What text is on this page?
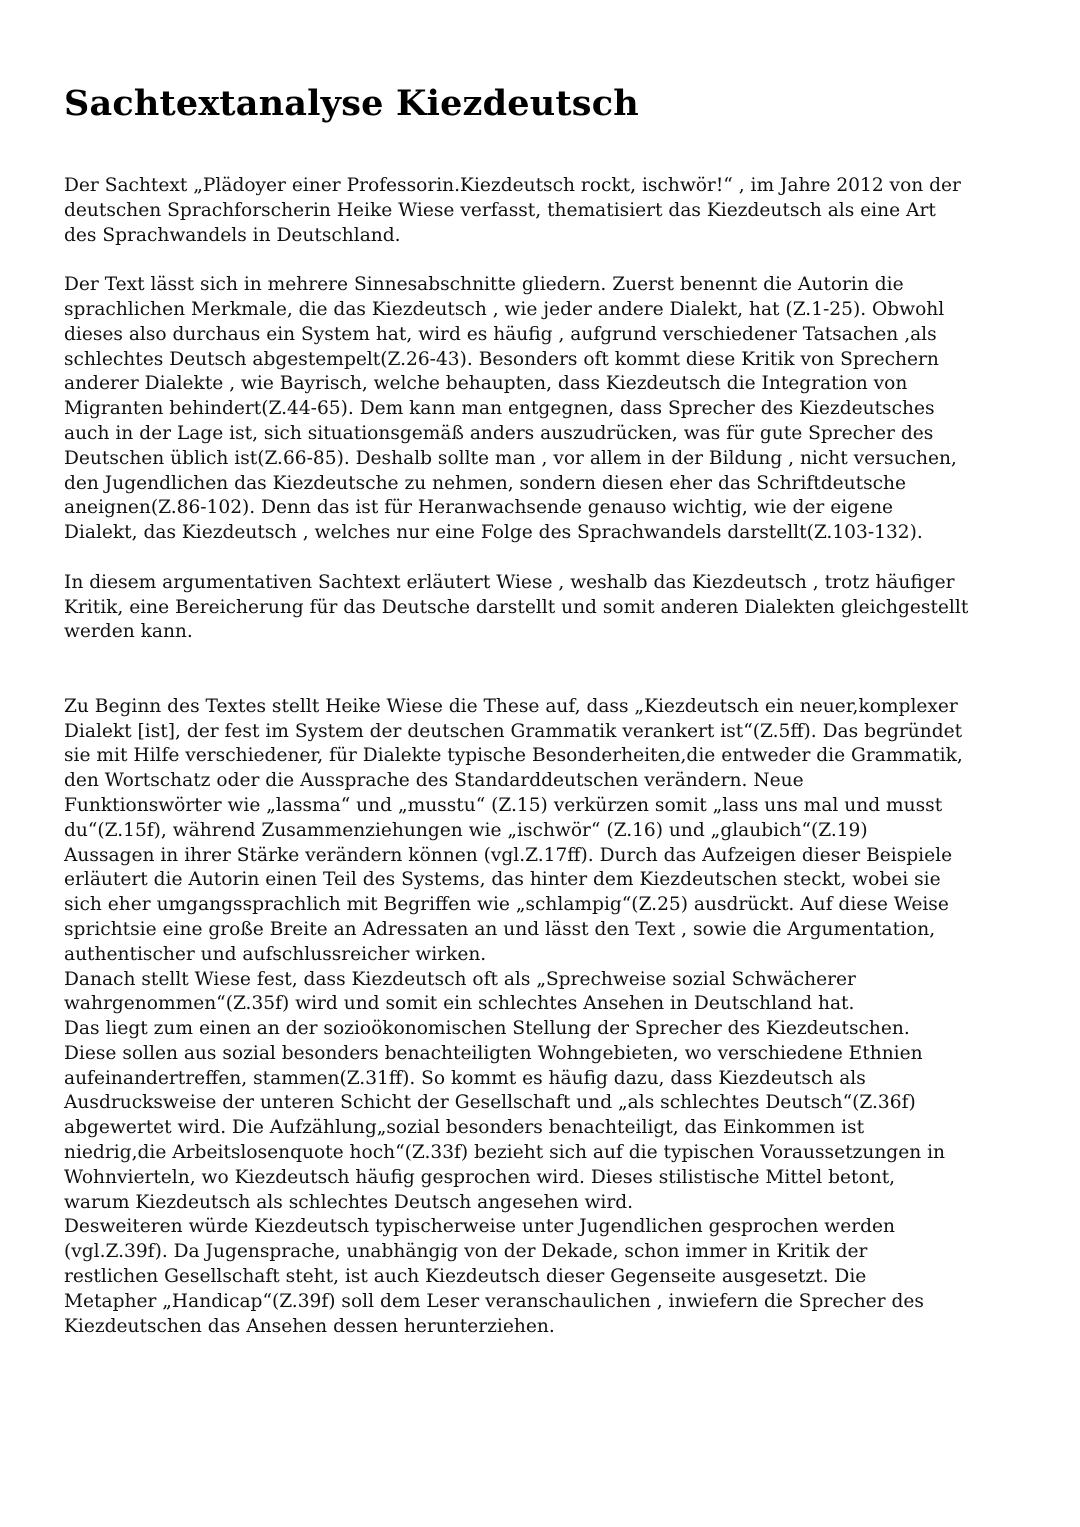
Sachtextanalyse Kiezdeutsch

Der Sachtext „Plädoyer einer Professorin.Kiezdeutsch rockt, ischwör!“ , im Jahre 2012 von der
deutschen Sprachforscherin Heike Wiese verfasst, thematisiert das Kiezdeutsch als eine Art
des Sprachwandels in Deutschland.

Der Text lässt sich in mehrere Sinnesabschnitte gliedern. Zuerst benennt die Autorin die
sprachlichen Merkmale, die das Kiezdeutsch , wie jeder andere Dialekt, hat (Z.1-25). Obwohl
dieses also durchaus ein System hat, wird es häufig , aufgrund verschiedener Tatsachen ‚als
schlechtes Deutsch abgestempelt(Z.26-43). Besonders oft kommt diese Kritik von Sprechern
anderer Dialekte , wie Bayrisch, welche behaupten, dass Kiezdeutsch die Integration von
Migranten behindert(Z.44-65). Dem kann man entgegnen, dass Sprecher des Kiezdeutsches
auch in der Lage ist, sich situationsgemäß anders auszudrücken, was für gute Sprecher des
Deutschen üblich ist(Z.66-85). Deshalb sollte man , vor allem in der Bildung , nicht versuchen,
den Jugendlichen das Kiezdeutsche zu nehmen, sondern diesen eher das Schriftdeutsche
aneignen(Z.86-102). Denn das ist für Heranwachsende genauso wichtig, wie der eigene
Dialekt, das Kiezdeutsch , welches nur eine Folge des Sprachwandels darstellt(Z.103-132).

In diesem argumentativen Sachtext erläutert Wiese , weshalb das Kiezdeutsch , trotz häufiger
Kritik, eine Bereicherung für das Deutsche darstellt und somit anderen Dialekten gleichgestellt
werden kann.

Zu Beginn des Textes stellt Heike Wiese die These auf, dass „Kiezdeutsch ein neuer,komplexer
Dialekt [ist], der fest im System der deutschen Grammatik verankert ist“(Z.5ff). Das begründet
sie mit Hilfe verschiedener, für Dialekte typische Besonderheiten,die entweder die Grammatik,
den Wortschatz oder die Aussprache des Standarddeutschen verändern. Neue
Funktionswörter wie „lassma“ und „musstu“ (Z.15) verkürzen somit „lass uns mal und musst
du“(Z.15f), während Zusammenziehungen wie „ischwör“ (Z.16) und „glaubich“(Z.19)
Aussagen in ihrer Stärke verändern können (vgl.Z.17ff). Durch das Aufzeigen dieser Beispiele
erläutert die Autorin einen Teil des Systems, das hinter dem Kiezdeutschen steckt, wobei sie
sich eher umgangssprachlich mit Begriffen wie „schlampig“(Z.25) ausdrückt. Auf diese Weise
sprichtsie eine große Breite an Adressaten an und lässt den Text , sowie die Argumentation,
authentischer und aufschlussreicher wirken.
Danach stellt Wiese fest, dass Kiezdeutsch oft als „Sprechweise sozial Schwächerer
wahrgenommen“(Z.35f) wird und somit ein schlechtes Ansehen in Deutschland hat.
Das liegt zum einen an der sozioökonomischen Stellung der Sprecher des Kiezdeutschen.
Diese sollen aus sozial besonders benachteiligten Wohngebieten, wo verschiedene Ethnien
aufeinandertreffen, stammen(Z.31ff). So kommt es häufig dazu, dass Kiezdeutsch als
Ausdrucksweise der unteren Schicht der Gesellschaft und „als schlechtes Deutsch“(Z.36f)
abgewertet wird. Die Aufzählung„sozial besonders benachteiligt, das Einkommen ist
niedrig,die Arbeitslosenquote hoch“(Z.33f) bezieht sich auf die typischen Voraussetzungen in
Wohnvierteln, wo Kiezdeutsch häufig gesprochen wird. Dieses stilistische Mittel betont,
warum Kiezdeutsch als schlechtes Deutsch angesehen wird.
Desweiteren würde Kiezdeutsch typischerweise unter Jugendlichen gesprochen werden
(vgl.Z.39f). Da Jugensprache, unabhängig von der Dekade, schon immer in Kritik der
restlichen Gesellschaft steht, ist auch Kiezdeutsch dieser Gegenseite ausgesetzt. Die
Metapher „Handicap“(Z.39f) soll dem Leser veranschaulichen , inwiefern die Sprecher des
Kiezdeutschen das Ansehen dessen herunterziehen.
